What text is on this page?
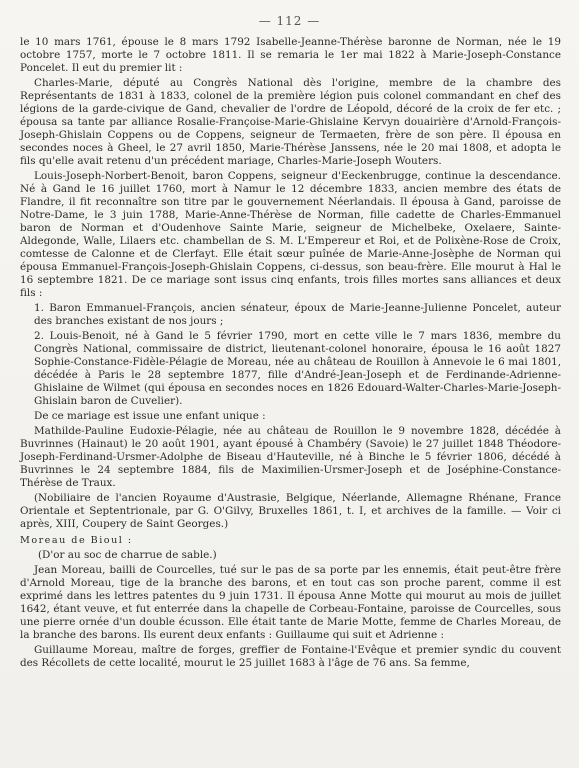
— 112 —

le 10 mars 1761, épouse le 8 mars 1792 Isabelle-Jeanne-Thérèse baronne de Norman, née le 19 octobre 1757, morte le 7 octobre 1811. Il se remaria le 1er mai 1822 à Marie-Joseph-Constance Poncelet. Il eut du premier lit :

Charles-Marie, député au Congrès National dès l'origine, membre de la chambre des Représentants de 1831 à 1833, colonel de la première légion puis colonel commandant en chef des légions de la garde-civique de Gand, chevalier de l'ordre de Léopold, décoré de la croix de fer etc. ; épousa sa tante par alliance Rosalie-Françoise-Marie-Ghislaine Kervyn douairière d'Arnold-François-Joseph-Ghislain Coppens ou de Coppens, seigneur de Termaeten, frère de son père. Il épousa en secondes noces à Gheel, le 27 avril 1850, Marie-Thérèse Janssens, née le 20 mai 1808, et adopta le fils qu'elle avait retenu d'un précédent mariage, Charles-Marie-Joseph Wouters.

Louis-Joseph-Norbert-Benoit, baron Coppens, seigneur d'Eeckenbrugge, continue la descendance. Né à Gand le 16 juillet 1760, mort à Namur le 12 décembre 1833, ancien membre des états de Flandre, il fit reconnaître son titre par le gouvernement Néerlandais. Il épousa à Gand, paroisse de Notre-Dame, le 3 juin 1788, Marie-Anne-Thérèse de Norman, fille cadette de Charles-Emmanuel baron de Norman et d'Oudenhove Sainte Marie, seigneur de Michelbeke, Oxelaere, Sainte-Aldegonde, Walle, Lilaers etc. chambellan de S. M. L'Empereur et Roi, et de Polixène-Rose de Croix, comtesse de Calonne et de Clerfayt. Elle était sœur puînée de Marie-Anne-Josèphe de Norman qui épousa Emmanuel-François-Joseph-Ghislain Coppens, ci-dessus, son beau-frère. Elle mourut à Hal le 16 septembre 1821. De ce mariage sont issus cinq enfants, trois filles mortes sans alliances et deux fils :

1. Baron Emmanuel-François, ancien sénateur, époux de Marie-Jeanne-Julienne Poncelet, auteur des branches existant de nos jours ;

2. Louis-Benoit, né à Gand le 5 février 1790, mort en cette ville le 7 mars 1836, membre du Congrès National, commissaire de district, lieutenant-colonel honoraire, épousa le 16 août 1827 Sophie-Constance-Fidèle-Pélagie de Moreau, née au château de Rouillon à Annevoie le 6 mai 1801, décédée à Paris le 28 septembre 1877, fille d'André-Jean-Joseph et de Ferdinande-Adrienne-Ghislaine de Wilmet (qui épousa en secondes noces en 1826 Edouard-Walter-Charles-Marie-Joseph-Ghislain baron de Cuvelier).

De ce mariage est issue une enfant unique :

Mathilde-Pauline Eudoxie-Pélagie, née au château de Rouillon le 9 novembre 1828, décédée à Buvrinnes (Hainaut) le 20 août 1901, ayant épousé à Chambéry (Savoie) le 27 juillet 1848 Théodore-Joseph-Ferdinand-Ursmer-Adolphe de Biseau d'Hauteville, né à Binche le 5 février 1806, décédé à Buvrinnes le 24 septembre 1884, fils de Maximilien-Ursmer-Joseph et de Joséphine-Constance-Thérèse de Traux.

(Nobiliaire de l'ancien Royaume d'Austrasie, Belgique, Néerlande, Allemagne Rhénane, France Orientale et Septentrionale, par G. O'Gilvy, Bruxelles 1861, t. I, et archives de la famille. — Voir ci après, XIII, Coupery de Saint Georges.)

Moreau de Bioul :

(D'or au soc de charrue de sable.)

Jean Moreau, bailli de Courcelles, tué sur le pas de sa porte par les ennemis, était peut-être frère d'Arnold Moreau, tige de la branche des barons, et en tout cas son proche parent, comme il est exprimé dans les lettres patentes du 9 juin 1731. Il épousa Anne Motte qui mourut au mois de juillet 1642, étant veuve, et fut enterrée dans la chapelle de Corbeau-Fontaine, paroisse de Courcelles, sous une pierre ornée d'un double écusson. Elle était tante de Marie Motte, femme de Charles Moreau, de la branche des barons. Ils eurent deux enfants : Guillaume qui suit et Adrienne :

Guillaume Moreau, maître de forges, greffier de Fontaine-l'Evêque et premier syndic du couvent des Récollets de cette localité, mourut le 25 juillet 1683 à l'âge de 76 ans. Sa femme,
